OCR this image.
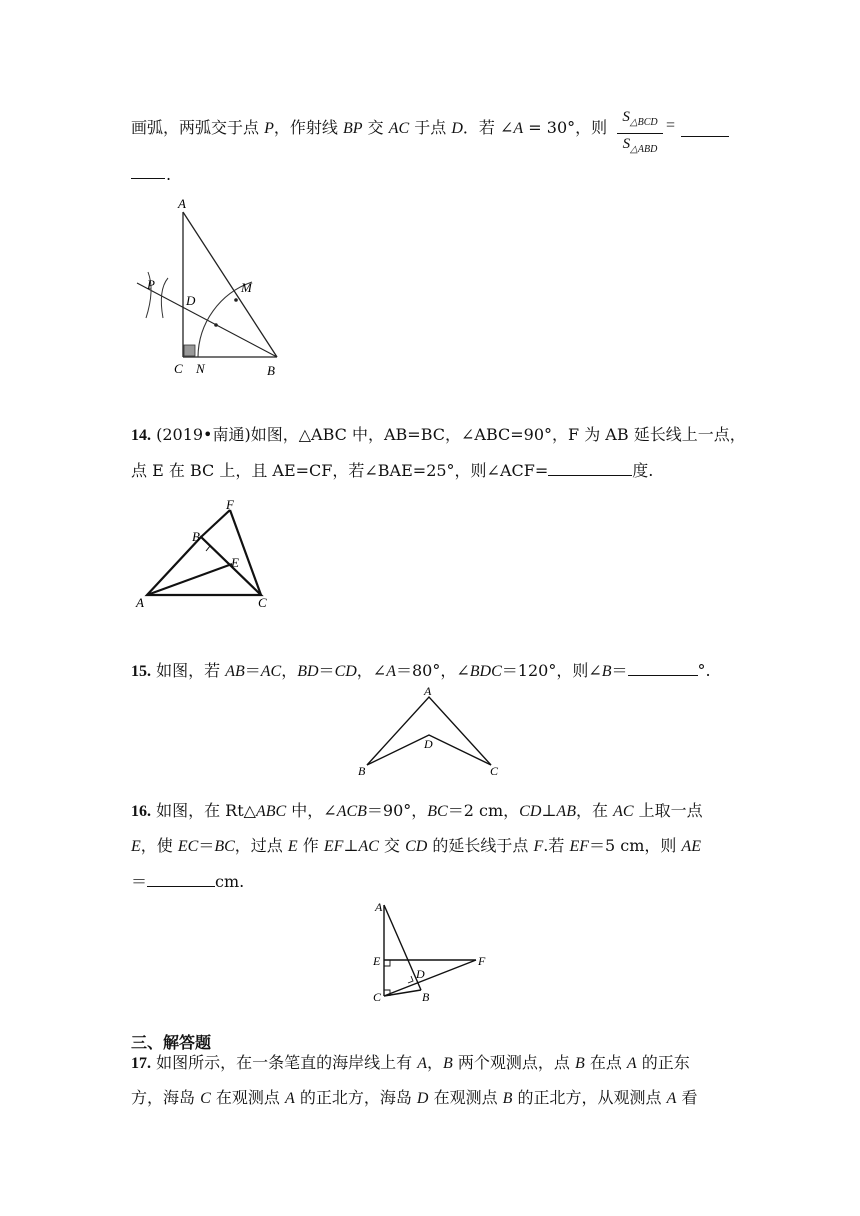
画弧，两弧交于点 P，作射线 BP 交 AC 于点 D．若 ∠A = 30°，则
$S_{\triangle BCD}$
$S_{\triangle ABD}$
=
.
A
P
D
M
C N	B
14. (2019•南通)如图，△ABC 中，AB=BC，∠ABC=90°，F 为 AB 延长线上一点，
点 E 在 BC 上，且 AE=CF，若∠BAE=25°，则∠ACF=	度.
F
B
E
A	C
15. 如图，若 AB＝AC，BD＝CD，∠A＝80°，∠BDC＝120°，则∠B＝	°.
A
D
B	C
16. 如图，在 Rt△ABC 中，∠ACB＝90°，BC＝2 cm，CD⊥AB，在 AC 上取一点
E，使 EC＝BC，过点 E 作 EF⊥AC 交 CD 的延长线于点 F.若 EF＝5 cm，则 AE
＝	cm.
A
E
D
F
C	B
三、解答题
17. 如图所示，在一条笔直的海岸线上有 A，B 两个观测点，点 B 在点 A 的正东
方，海岛 C 在观测点 A 的正北方，海岛 D 在观测点 B 的正北方，从观测点 A 看
